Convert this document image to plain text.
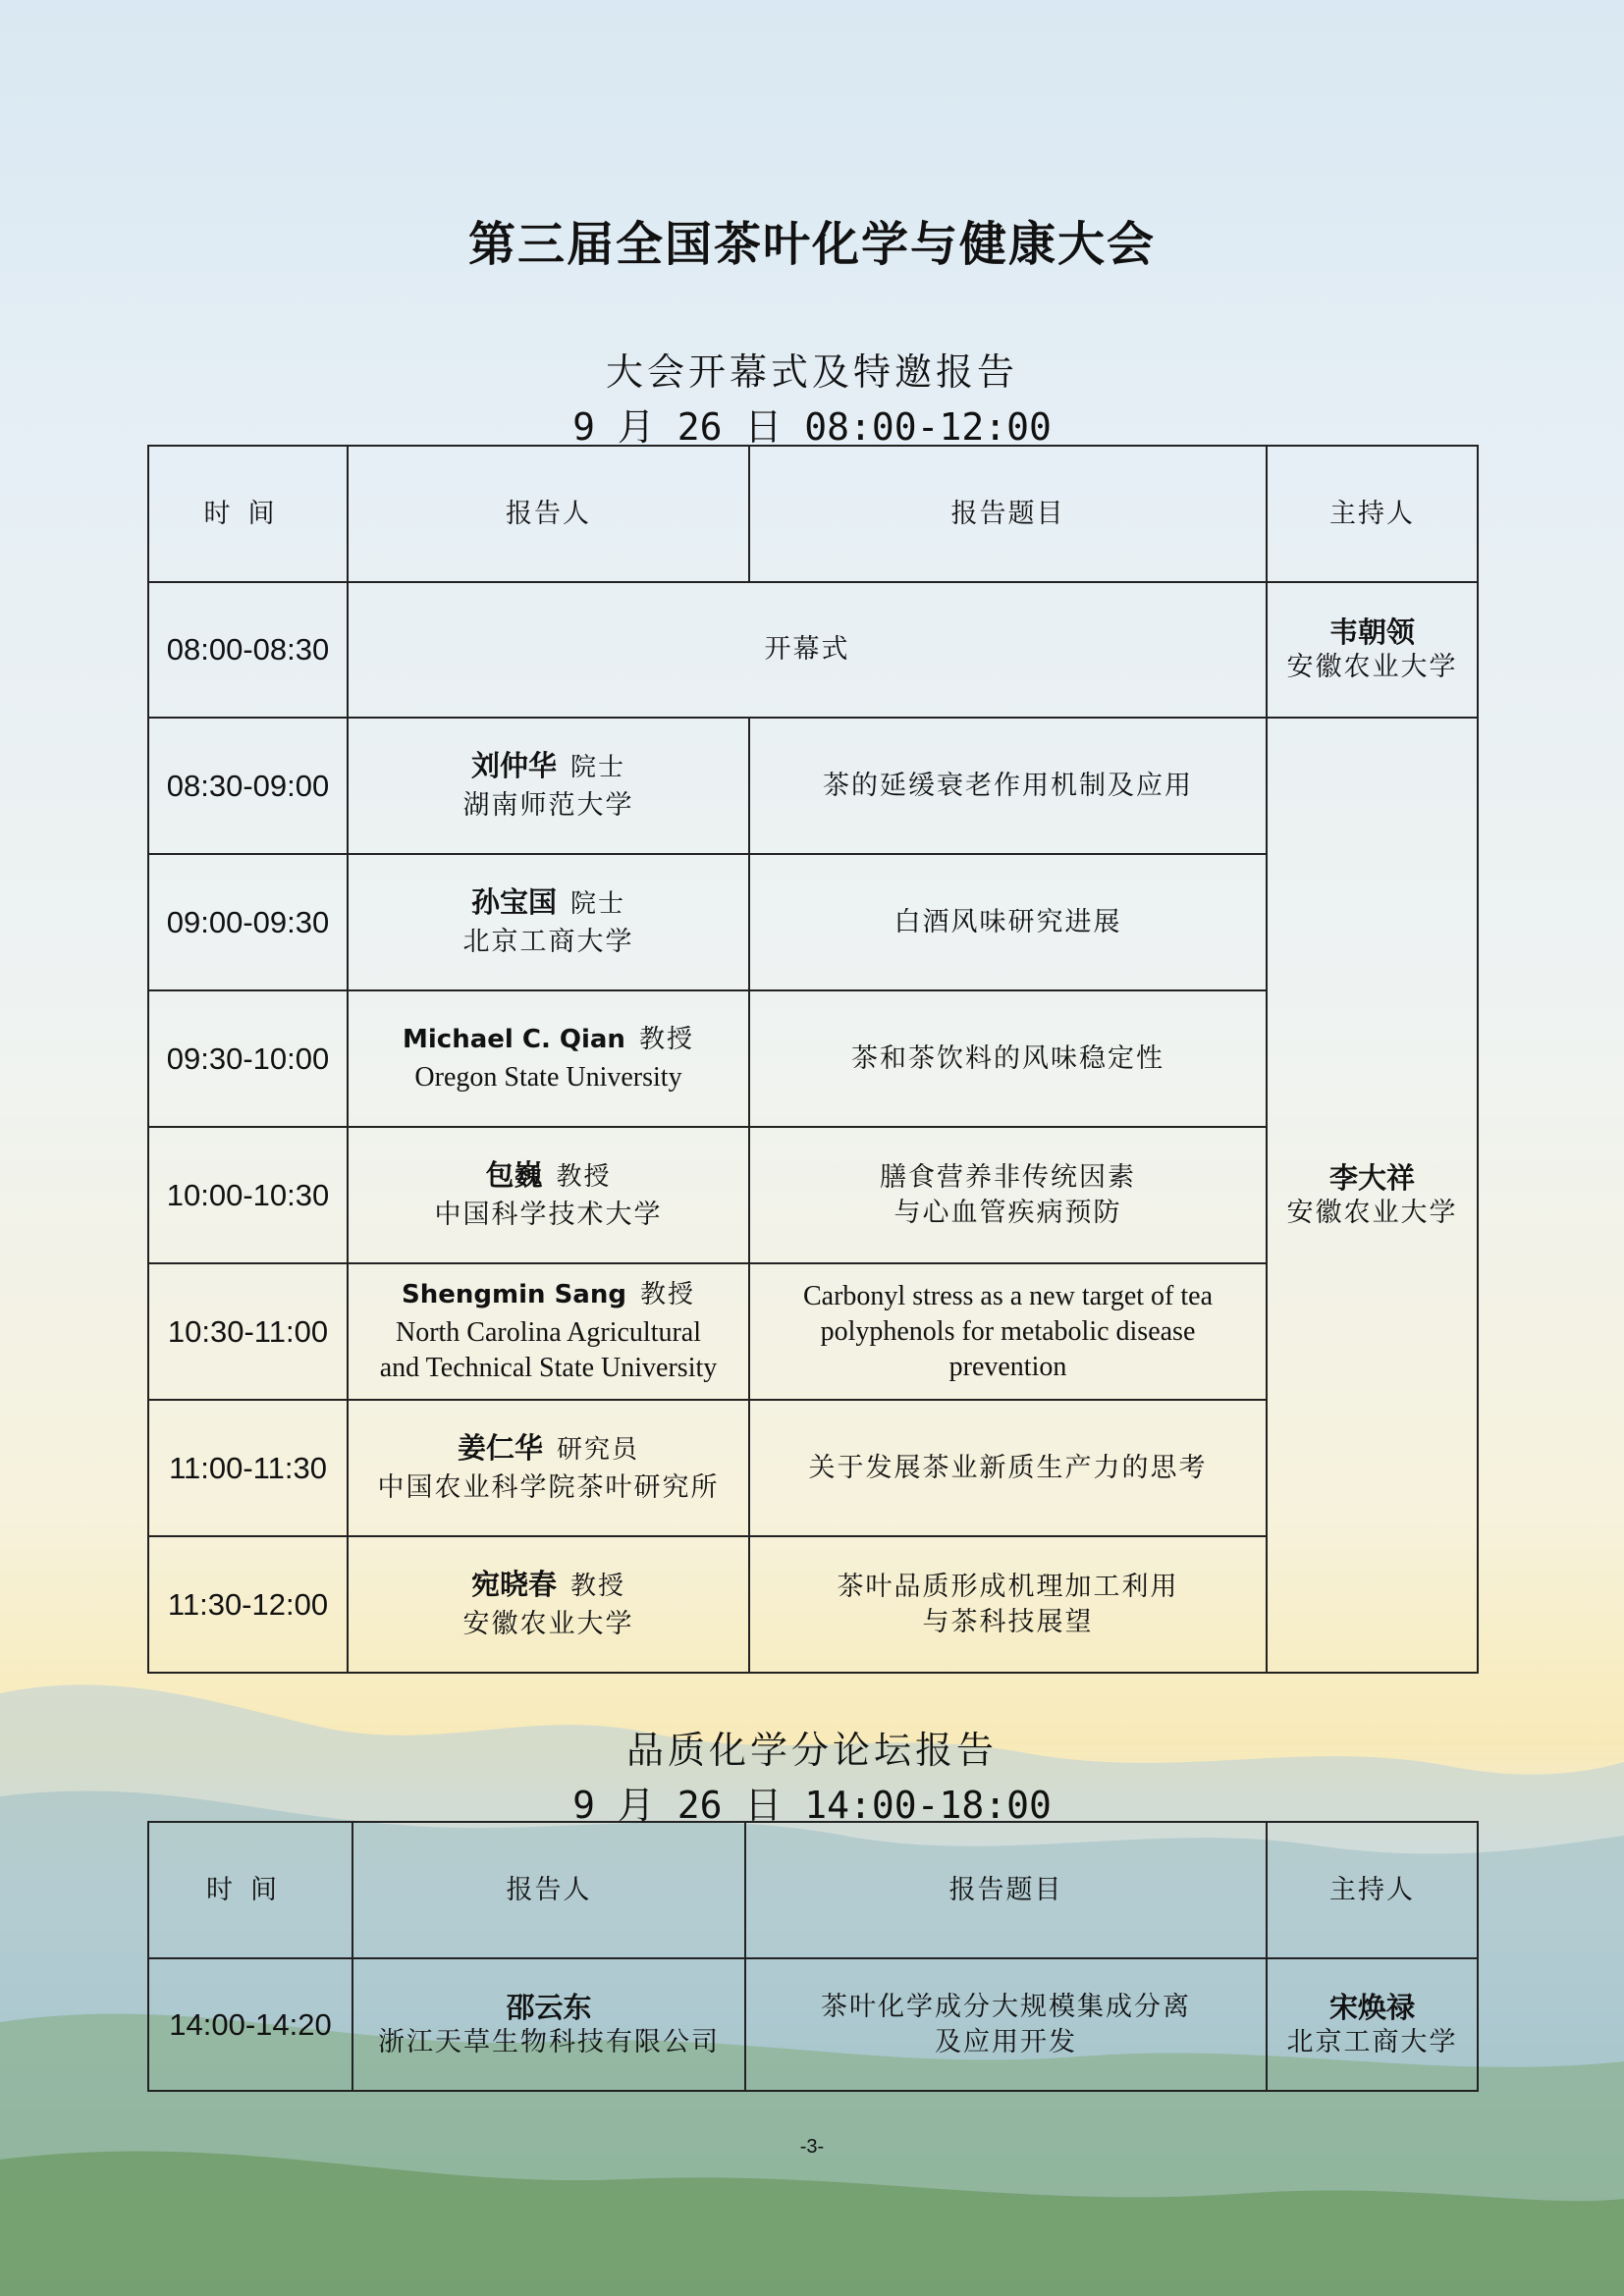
第三届全国茶叶化学与健康大会
大会开幕式及特邀报告
9 月 26 日 08:00-12:00
时间	报告人	报告题目	主持人
08:00-08:30	开幕式		韦朝领
安徽农业大学

08:30-09:00	刘仲华 院士
湖南师范大学	茶的延缓衰老作用机制及应用	李大祥
安徽农业大学

09:00-09:30	孙宝国 院士
北京工商大学	白酒风味研究进展	

09:30-10:00	Michael C. Qian 教授
Oregon State University	茶和茶饮料的风味稳定性	

10:00-10:30	包巍 教授
中国科学技术大学	膳食营养非传统因素
与心血管疾病预防	

10:30-11:00	Shengmin Sang 教授
North Carolina Agricultural
and Technical State University	Carbonyl stress as a new target of tea
polyphenols for metabolic disease
prevention	

11:00-11:30	姜仁华 研究员
中国农业科学院茶叶研究所	关于发展茶业新质生产力的思考	

11:30-12:00	宛晓春 教授
安徽农业大学	茶叶品质形成机理加工利用
与茶科技展望	
品质化学分论坛报告
9 月 26 日 14:00-18:00
时间	报告人	报告题目	主持人
14:00-14:20	邵云东
浙江天草生物科技有限公司	茶叶化学成分大规模集成分离
及应用开发	宋焕禄
北京工商大学
-3-
